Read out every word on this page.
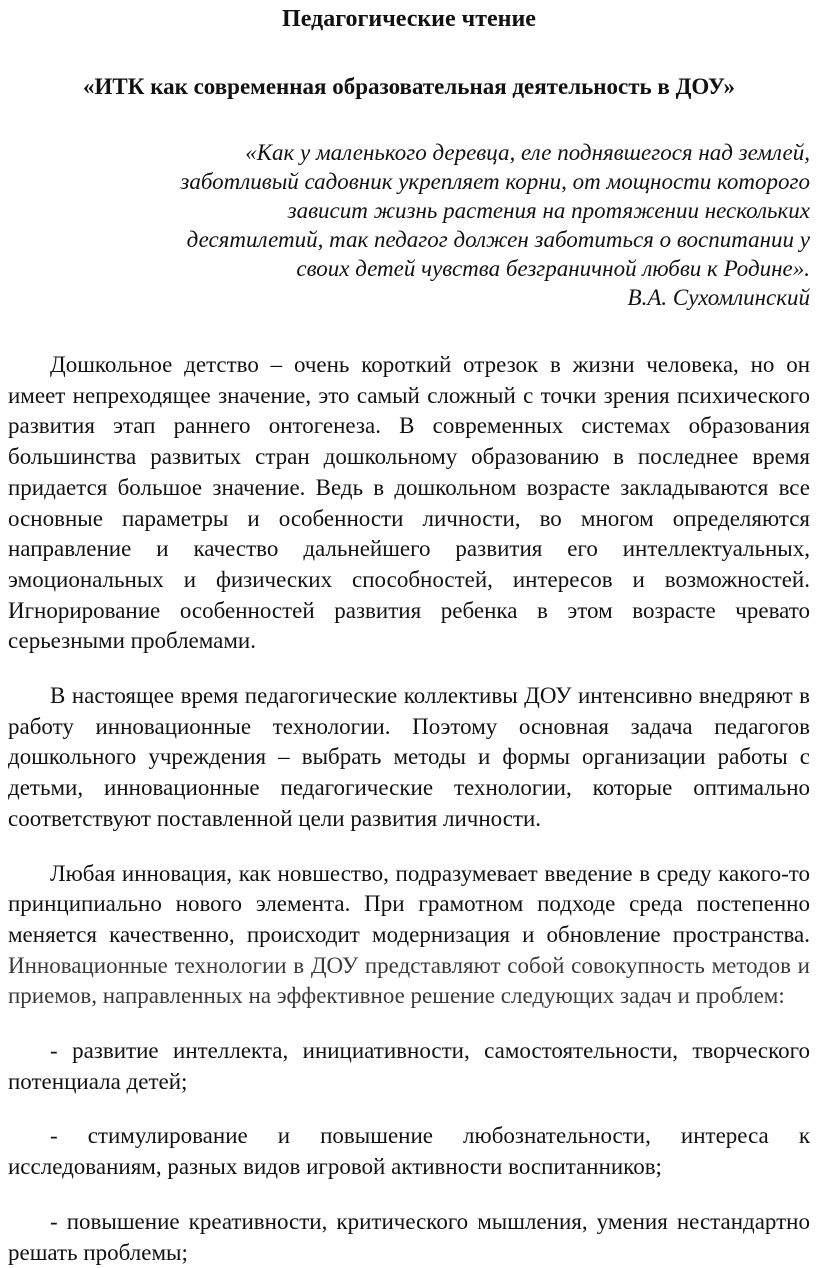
Педагогические чтение
«ИТК как современная образовательная деятельность в ДОУ»
«Как у маленького деревца, еле поднявшегося над землей,
заботливый садовник укрепляет корни, от мощности которого
зависит жизнь растения на протяжении нескольких
десятилетий, так педагог должен заботиться о воспитании у
своих детей чувства безграничной любви к Родине».
В.А. Сухомлинский

Дошкольное детство – очень короткий отрезок в жизни человека, но он имеет непреходящее значение, это самый сложный с точки зрения психического развития этап раннего онтогенеза. В современных системах образования большинства развитых стран дошкольному образованию в последнее время придается большое значение. Ведь в дошкольном возрасте закладываются все основные параметры и особенности личности, во многом определяются направление и качество дальнейшего развития его интеллектуальных, эмоциональных и физических способностей, интересов и возможностей. Игнорирование особенностей развития ребенка в этом возрасте чревато серьезными проблемами.

В настоящее время педагогические коллективы ДОУ интенсивно внедряют в работу инновационные технологии. Поэтому основная задача педагогов дошкольного учреждения – выбрать методы и формы организации работы с детьми, инновационные педагогические технологии, которые оптимально соответствуют поставленной цели развития личности.

Любая инновация, как новшество, подразумевает введение в среду какого-то принципиально нового элемента. При грамотном подходе среда постепенно меняется качественно, происходит модернизация и обновление пространства. Инновационные технологии в ДОУ представляют собой совокупность методов и приемов, направленных на эффективное решение следующих задач и проблем:

- развитие интеллекта, инициативности, самостоятельности, творческого потенциала детей;

- стимулирование и повышение любознательности, интереса к исследованиям, разных видов игровой активности воспитанников;

- повышение креативности, критического мышления, умения нестандартно решать проблемы;
